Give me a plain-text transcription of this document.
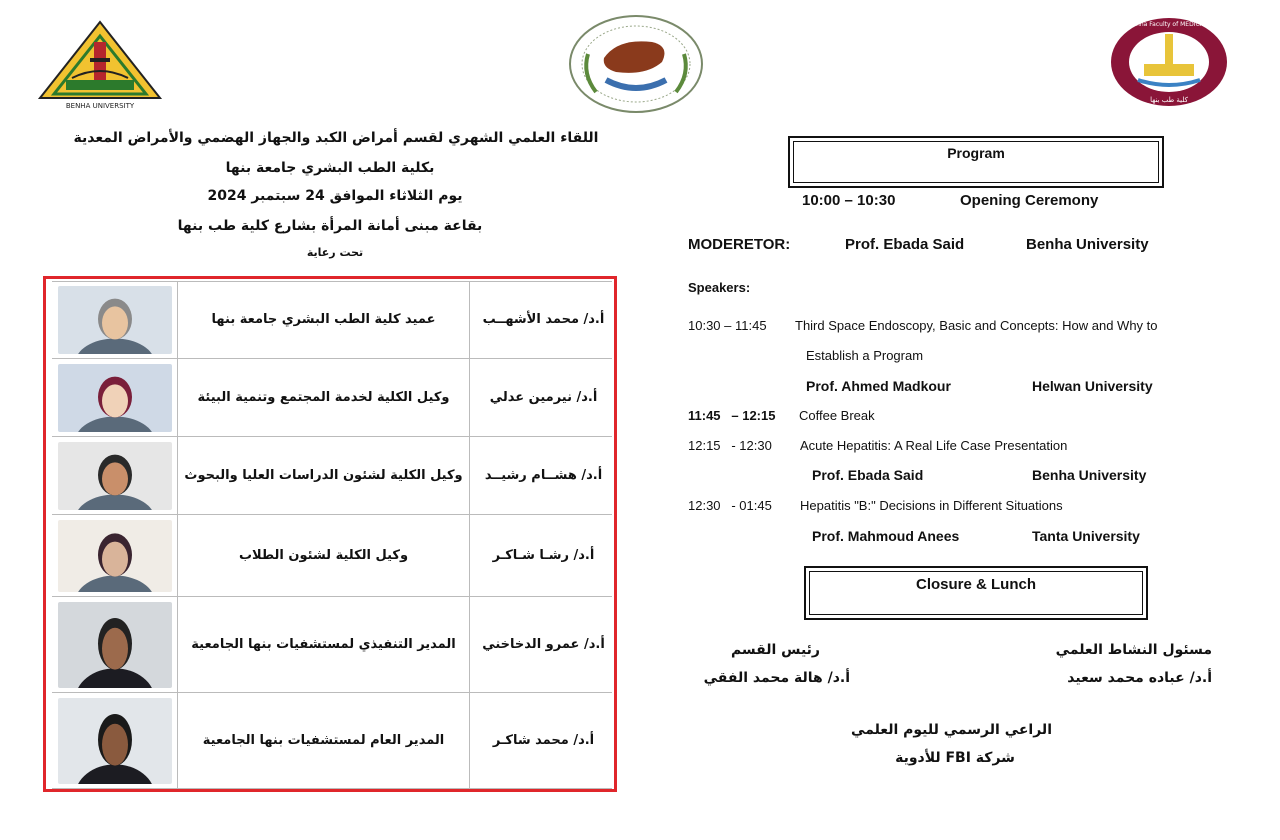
BENHA UNIVERSITY
كلية طب بنها
Benha Faculty of MEDICINE
اللقاء العلمي الشهري لقسم أمراض الكبد والجهاز الهضمي والأمراض المعدية
بكلية الطب البشري جامعة بنها
يوم الثلاثاء الموافق 24 سبتمبر 2024
بقاعة مبنى أمانة المرأة بشارع كلية طب بنها
تحت رعاية
عميد كلية الطب البشري جامعة بنها	أ.د/ محمد الأشهــب
وكيل الكلية لخدمة المجتمع وتنمية البيئة	أ.د/ نيرمين عدلي
وكيل الكلية لشئون الدراسات العليا والبحوث	أ.د/ هشــام رشيــد
وكيل الكلية لشئون الطلاب	أ.د/ رشـا شـاكـر
المدير التنفيذي لمستشفيات بنها الجامعية	أ.د/ عمرو الدخاخني
المدير العام لمستشفيات بنها الجامعية	أ.د/ محمد شاكـر
Program
10:00 – 10:30	Opening Ceremony
MODERETOR:	Prof. Ebada Said	Benha University
Speakers:
10:30 – 11:45 Third Space Endoscopy, Basic and Concepts: How and Why to
Establish a Program
Prof. Ahmed Madkour	Helwan University
11:45   – 12:15 Coffee Break
12:15   - 12:30 Acute Hepatitis: A Real Life Case Presentation
Prof. Ebada Said	Benha University
12:30   - 01:45 Hepatitis "B:" Decisions in Different Situations
Prof. Mahmoud Anees	Tanta University
Closure & Lunch
رئيس القسم
أ.د/ هالة محمد الفقي
مسئول النشاط العلمي
أ.د/ عباده محمد سعيد
الراعي الرسمي لليوم العلمي
شركة FBI للأدوية
